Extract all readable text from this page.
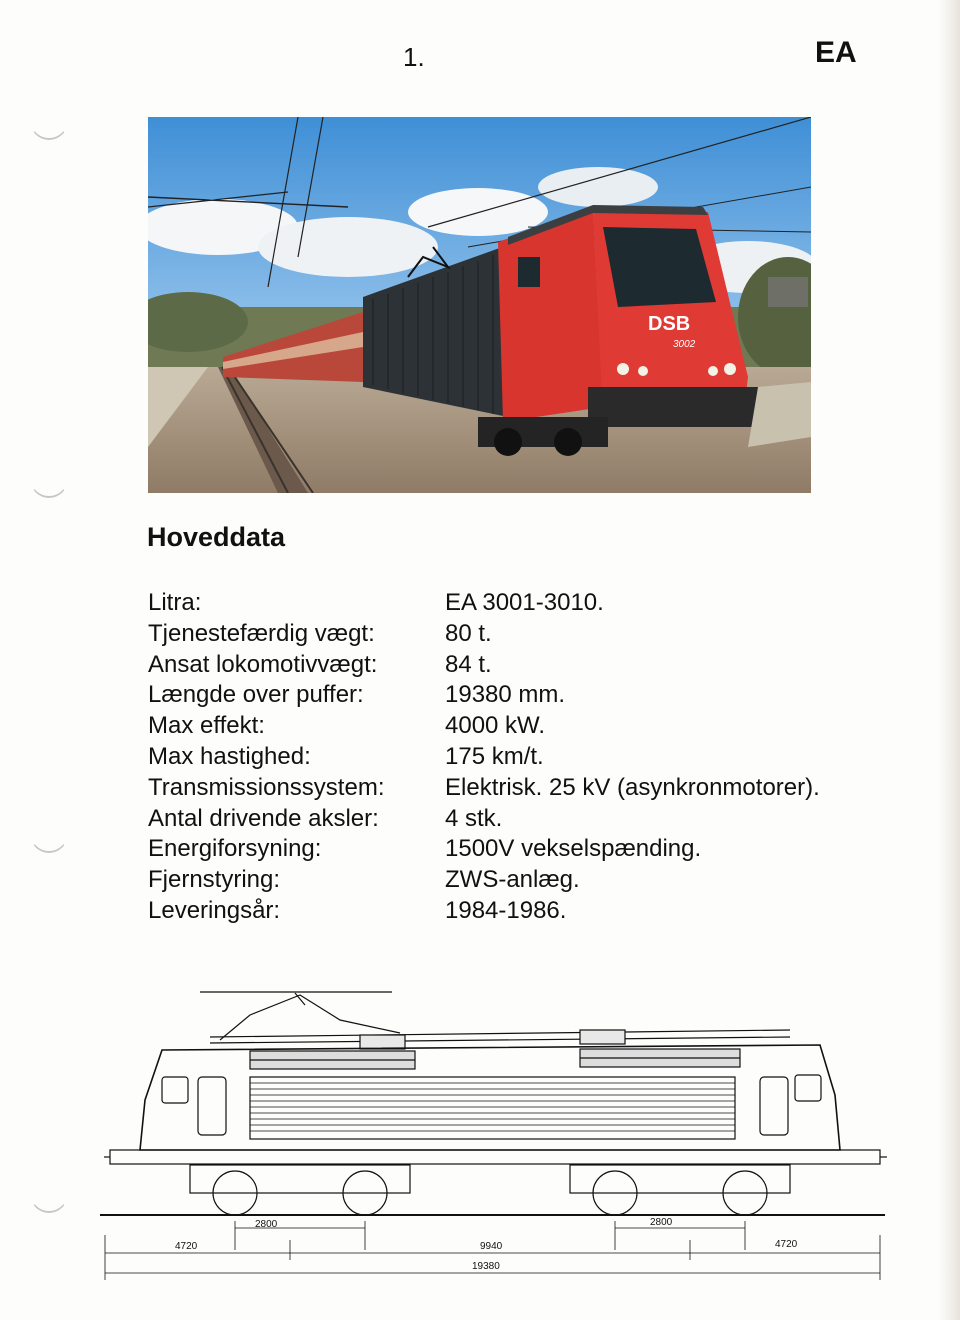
1.	EA
DSB
3002
Hoveddata
Litra:	EA 3001-3010.
Tjenestefærdig vægt:	80 t.
Ansat lokomotivvægt:	84 t.
Længde over puffer:	19380 mm.
Max effekt:	4000 kW.
Max hastighed:	175 km/t.
Transmissionssystem:	Elektrisk. 25 kV (asynkronmotorer).
Antal drivende aksler:	4 stk.
Energiforsyning:	1500V vekselspænding.
Fjernstyring:	ZWS-anlæg.
Leveringsår:	1984-1986.
2800	2800
4720	9940	4720
19380
